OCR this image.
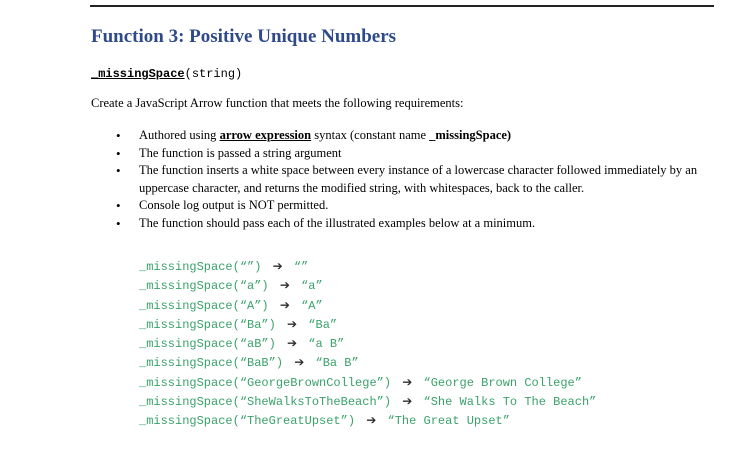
Function 3: Positive Unique Numbers
_missingSpace(string)
Create a JavaScript Arrow function that meets the following requirements:
• Authored using arrow expression syntax (constant name _missingSpace)
• The function is passed a string argument
• The function inserts a white space between every instance of a lowercase character followed immediately by an uppercase character, and returns the modified string, with whitespaces, back to the caller.
• Console log output is NOT permitted.
• The function should pass each of the illustrated examples below at a minimum.
_missingSpace(“”) ➔ “”
_missingSpace(“a”) ➔ “a”
_missingSpace(“A”) ➔ “A”
_missingSpace(“Ba”) ➔ “Ba”
_missingSpace(“aB”) ➔ “a B”
_missingSpace(“BaB”) ➔ “Ba B”
_missingSpace(“GeorgeBrownCollege”) ➔ “George Brown College”
_missingSpace(“SheWalksToTheBeach”) ➔ “She Walks To The Beach”
_missingSpace(“TheGreatUpset”) ➔ “The Great Upset”
